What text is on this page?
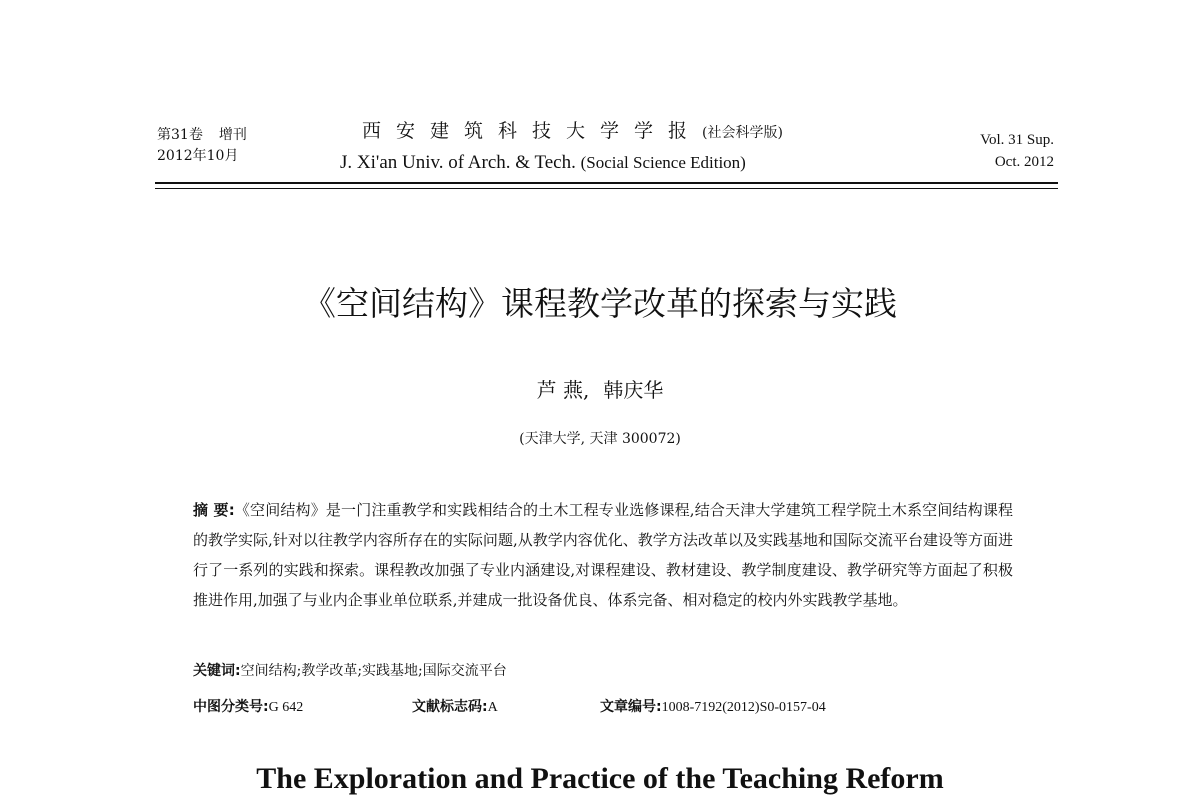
第31卷 增刊
2012年10月
西安建筑科技大学学报(社会科学版)
J. Xi'an Univ. of Arch. & Tech. (Social Science Edition)
Vol. 31 Sup.
Oct. 2012
《空间结构》课程教学改革的探索与实践
芦 燕, 韩庆华
(天津大学, 天津 300072)
摘 要:《空间结构》是一门注重教学和实践相结合的土木工程专业选修课程,结合天津大学建筑工程学院土木系空间结构课程的教学实际,针对以往教学内容所存在的实际问题,从教学内容优化、教学方法改革以及实践基地和国际交流平台建设等方面进行了一系列的实践和探索。课程教改加强了专业内涵建设,对课程建设、教材建设、教学制度建设、教学研究等方面起了积极推进作用,加强了与业内企事业单位联系,并建成一批设备优良、体系完备、相对稳定的校内外实践教学基地。
关键词:空间结构;教学改革;实践基地;国际交流平台
中图分类号:G 642	文献标志码:A	文章编号:1008-7192(2012)S0-0157-04
The Exploration and Practice of the Teaching Reform
